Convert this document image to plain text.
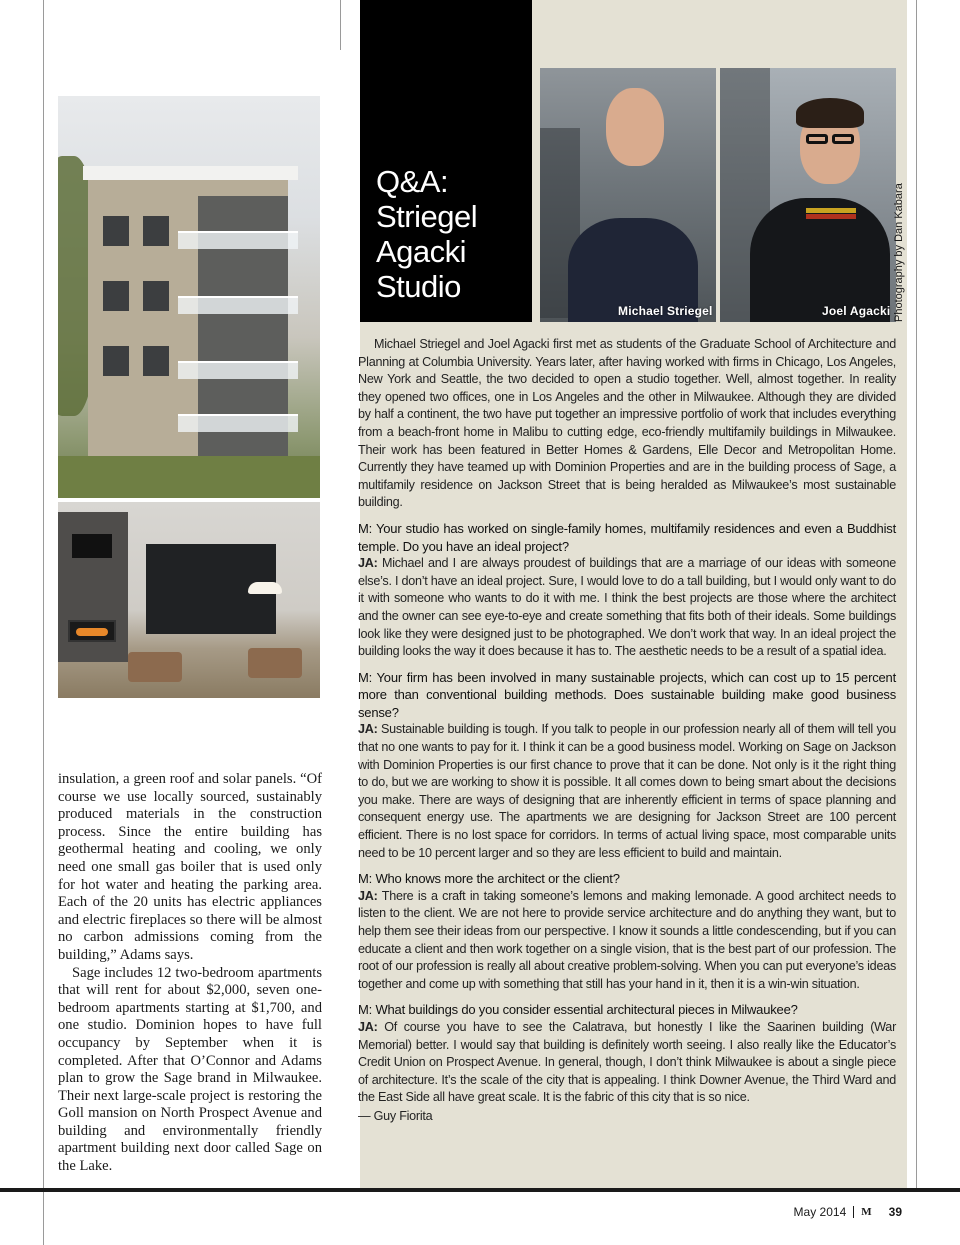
insulation, a green roof and solar panels. “Of course we use locally sourced, sustainably produced materials in the construction process. Since the entire building has geothermal heating and cooling, we only need one small gas boiler that is used only for hot water and heating the parking area. Each of the 20 units has electric appliances and electric fireplaces so there will be almost no carbon admissions coming from the building,” Adams says.

Sage includes 12 two-bedroom apartments that will rent for about $2,000, seven one-bedroom apartments starting at $1,700, and one studio. Dominion hopes to have full occupancy by September when it is completed. After that O’Connor and Adams plan to grow the Sage brand in Milwaukee. Their next large-scale project is restoring the Goll mansion on North Prospect Avenue and building and environmentally friendly apartment building next door called Sage on the Lake.

Q&A:
Striegel
Agacki
Studio
Michael Striegel	Joel Agacki Photography by Dan Kabara

Michael Striegel and Joel Agacki first met as students of the Graduate School of Architecture and Planning at Columbia University. Years later, after having worked with firms in Chicago, Los Angeles, New York and Seattle, the two decided to open a studio together. Well, almost together. In reality they opened two offices, one in Los Angeles and the other in Milwaukee. Although they are divided by half a continent, the two have put together an impressive portfolio of work that includes everything from a beach-front home in Malibu to cutting edge, eco-friendly multifamily buildings in Milwaukee. Their work has been featured in Better Homes & Gardens, Elle Decor and Metropolitan Home. Currently they have teamed up with Dominion Properties and are in the building process of Sage, a multifamily residence on Jackson Street that is being heralded as Milwaukee’s most sustainable building.

M: Your studio has worked on single-family homes, multifamily residences and even a Buddhist temple. Do you have an ideal project?

JA: Michael and I are always proudest of buildings that are a marriage of our ideas with someone else’s. I don’t have an ideal project. Sure, I would love to do a tall building, but I would only want to do it with someone who wants to do it with me. I think the best projects are those where the architect and the owner can see eye-to-eye and create something that fits both of their ideals. Some buildings look like they were designed just to be photographed. We don’t work that way. In an ideal project the building looks the way it does because it has to. The aesthetic needs to be a result of a spatial idea.

M: Your firm has been involved in many sustainable projects, which can cost up to 15 percent more than conventional building methods. Does sustainable building make good business sense?

JA: Sustainable building is tough. If you talk to people in our profession nearly all of them will tell you that no one wants to pay for it. I think it can be a good business model. Working on Sage on Jackson with Dominion Properties is our first chance to prove that it can be done. Not only is it the right thing to do, but we are working to show it is possible. It all comes down to being smart about the decisions you make. There are ways of designing that are inherently efficient in terms of space planning and consequent energy use. The apartments we are designing for Jackson Street are 100 percent efficient. There is no lost space for corridors. In terms of actual living space, most comparable units need to be 10 percent larger and so they are less efficient to build and maintain.

M: Who knows more the architect or the client?

JA: There is a craft in taking someone’s lemons and making lemonade. A good architect needs to listen to the client. We are not here to provide service architecture and do anything they want, but to help them see their ideas from our perspective. I know it sounds a little condescending, but if you can educate a client and then work together on a single vision, that is the best part of our profession. The root of our profession is really all about creative problem-solving. When you can put everyone’s ideas together and come up with something that still has your hand in it, then it is a win-win situation.

M: What buildings do you consider essential architectural pieces in Milwaukee?

JA: Of course you have to see the Calatrava, but honestly I like the Saarinen building (War Memorial) better. I would say that building is definitely worth seeing. I also really like the Educator’s Credit Union on Prospect Avenue. In general, though, I don’t think Milwaukee is about a single piece of architecture. It’s the scale of the city that is appealing. I think Downer Avenue, the Third Ward and the East Side all have great scale. It is the fabric of this city that is so nice.

— Guy Fiorita

May 2014 M 39
